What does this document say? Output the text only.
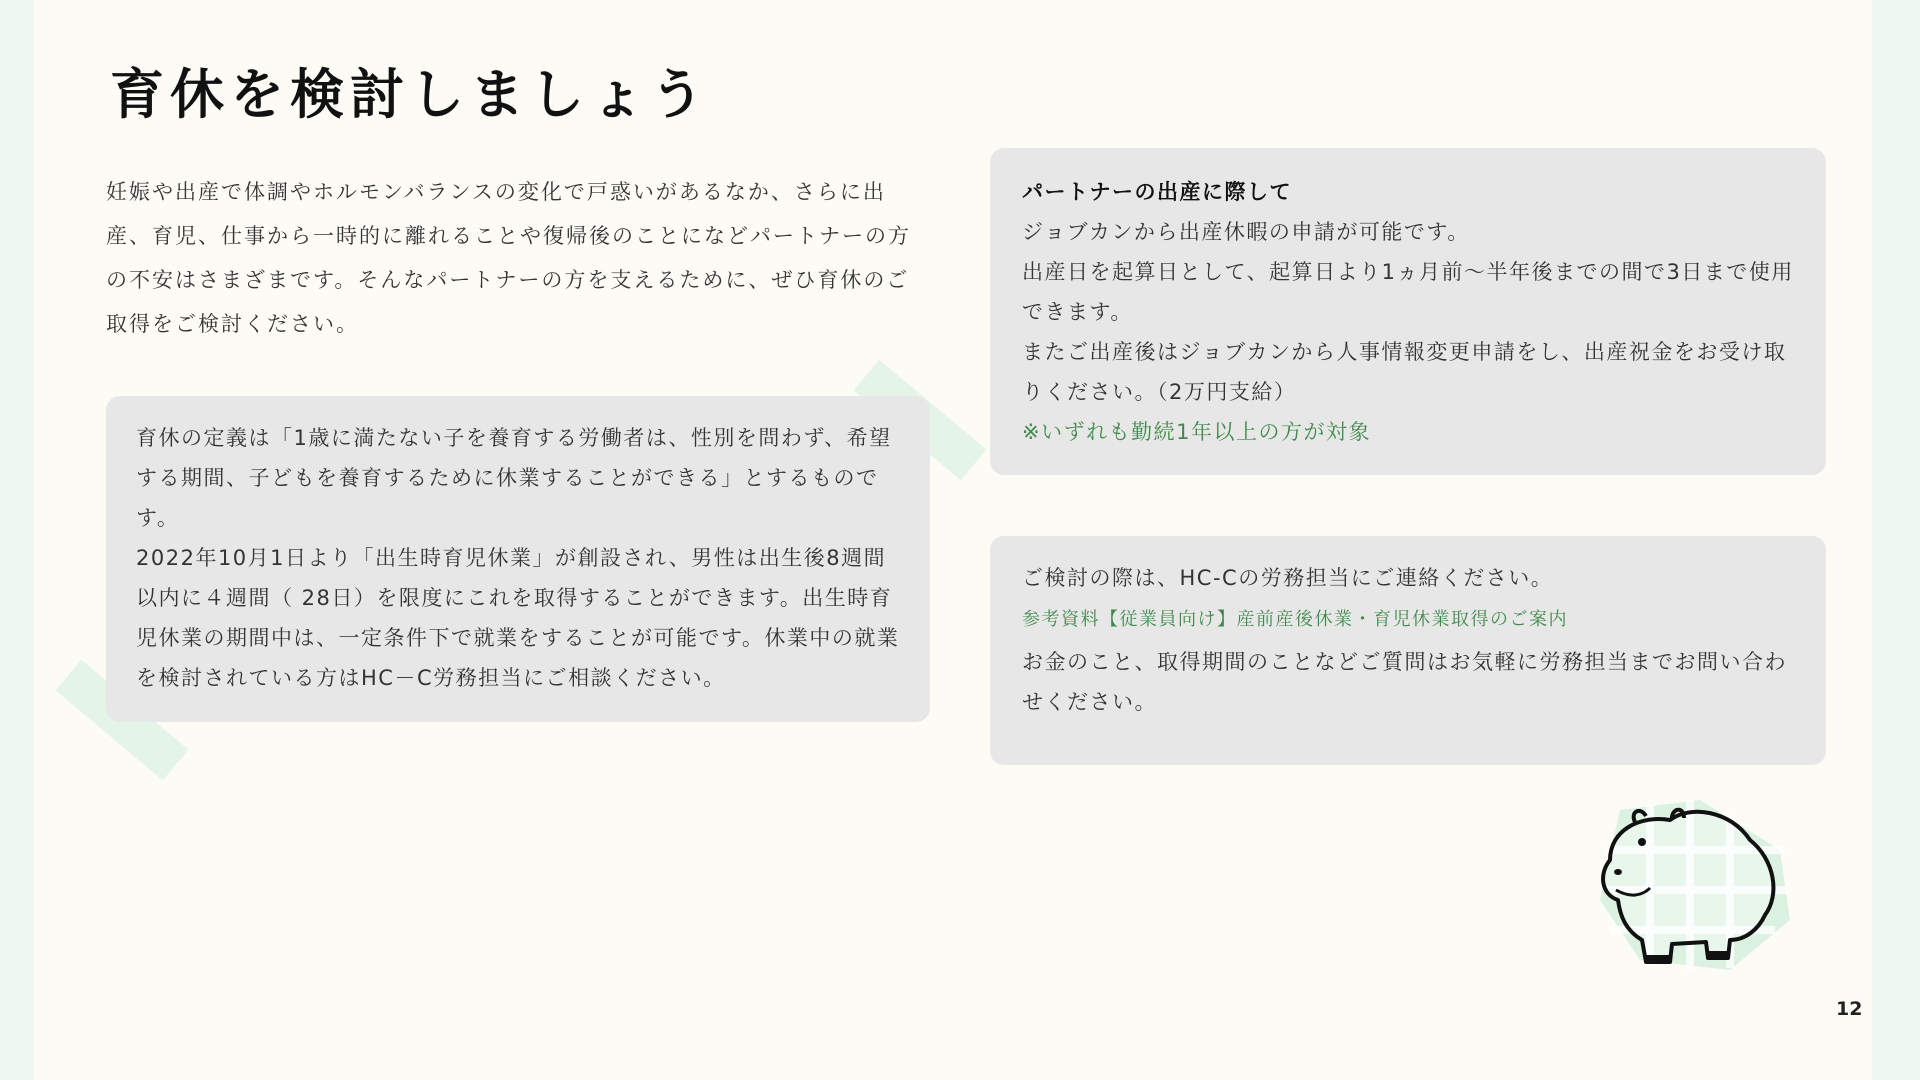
育休を検討しましょう

妊娠や出産で体調やホルモンバランスの変化で戸惑いがあるなか、さらに出産、育児、仕事から一時的に離れることや復帰後のことになどパートナーの方の不安はさまざまです。そんなパートナーの方を支えるために、ぜひ育休のご取得をご検討ください。

育休の定義は「1歳に満たない子を養育する労働者は、性別を問わず、希望する期間、子どもを養育するために休業することができる」とするものです。

2022年10月1日より「出生時育児休業」が創設され、男性は出生後8週間以内に４週間（ 28日）を限度にこれを取得することができます。出生時育児休業の期間中は、一定条件下で就業をすることが可能です。休業中の就業を検討されている方はHC－C労務担当にご相談ください。

パートナーの出産に際して

ジョブカンから出産休暇の申請が可能です。

出産日を起算日として、起算日より1ヵ月前〜半年後までの間で3日まで使用できます。

またご出産後はジョブカンから人事情報変更申請をし、出産祝金をお受け取りください。（2万円支給）

※いずれも勤続1年以上の方が対象

ご検討の際は、HC-Cの労務担当にご連絡ください。

参考資料【従業員向け】産前産後休業・育児休業取得のご案内

お金のこと、取得期間のことなどご質問はお気軽に労務担当までお問い合わせください。

12
